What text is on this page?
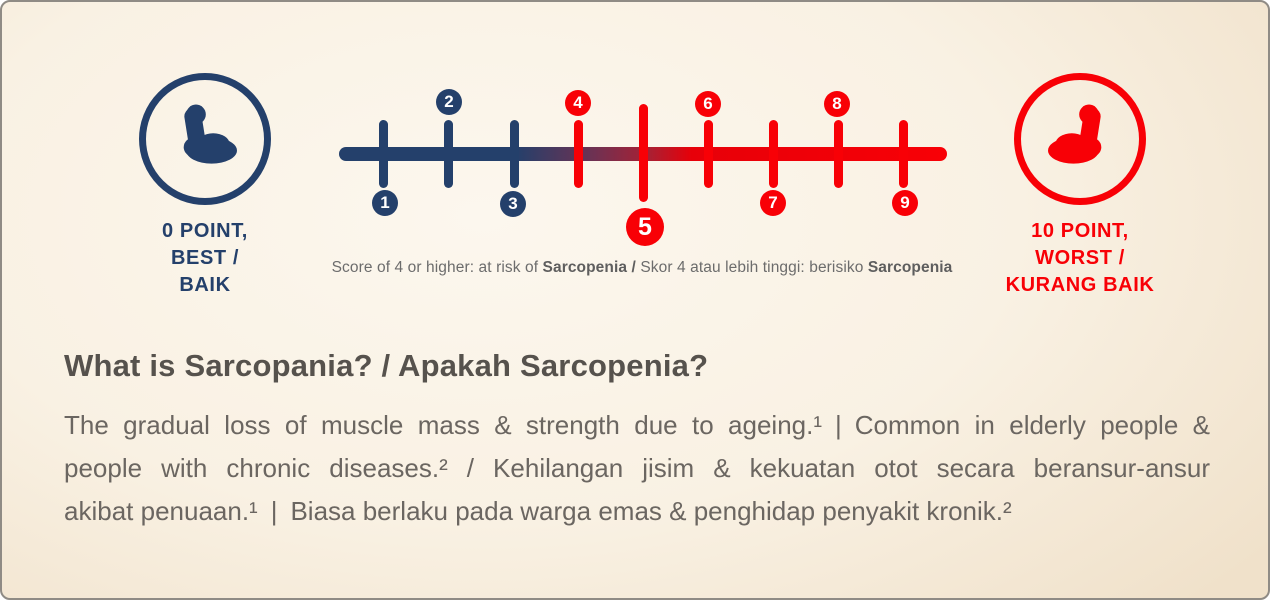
0 POINT,
BEST /
BAIK
1
2
3
4
5
6
7
8
9
Score of 4 or higher: at risk of Sarcopenia / Skor 4 atau lebih tinggi: berisiko Sarcopenia
10 POINT,
WORST /
KURANG BAIK
What is Sarcopania? / Apakah Sarcopenia?

The gradual loss of muscle mass & strength due to ageing.¹ | Common in elderly people &

people with chronic diseases.² / Kehilangan jisim & kekuatan otot secara beransur-ansur

akibat penuaan.¹ | Biasa berlaku pada warga emas & penghidap penyakit kronik.²
